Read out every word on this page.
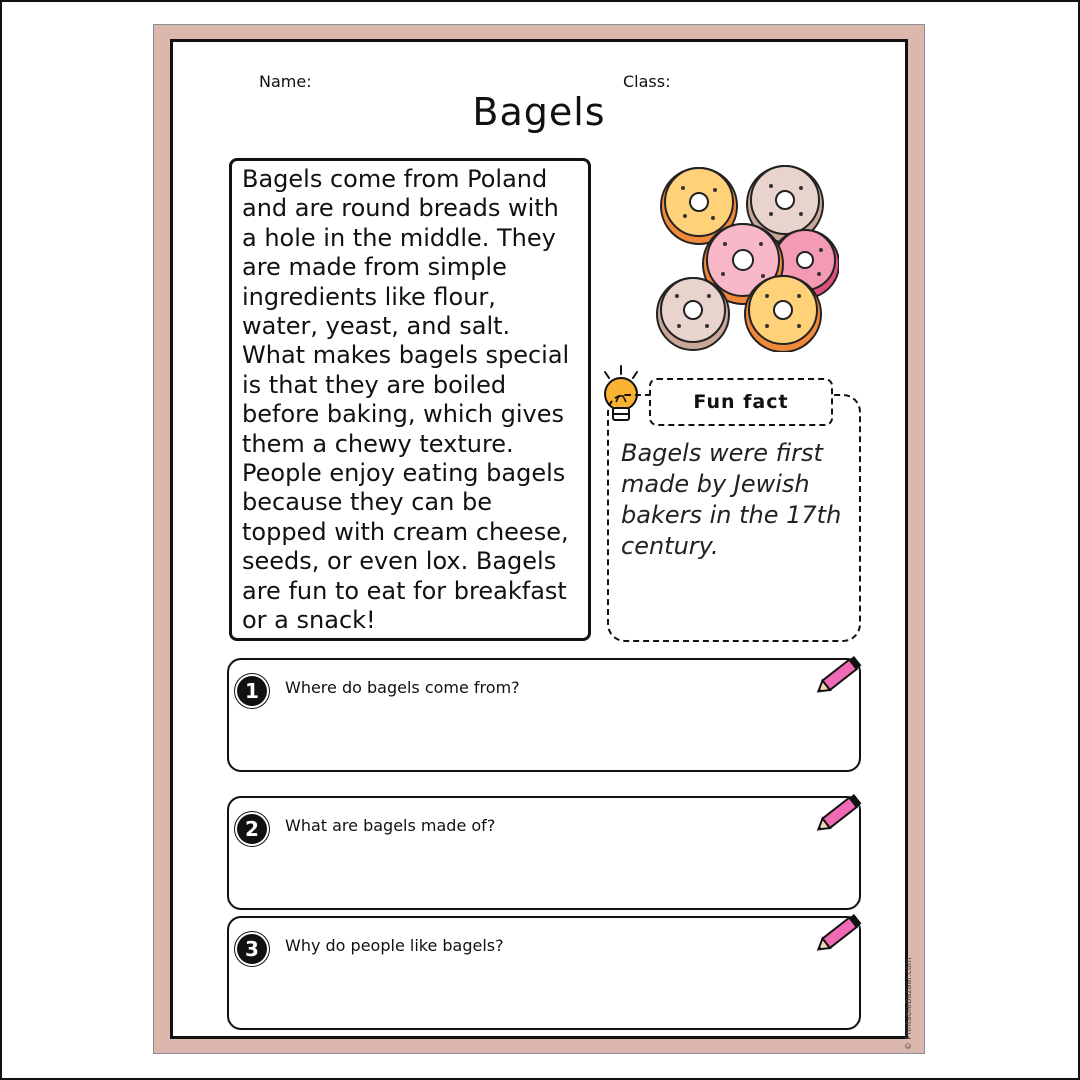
Name:	Class:
Bagels
Bagels come from Poland and are round breads with a hole in the middle. They are made from simple ingredients like flour, water, yeast, and salt. What makes bagels special is that they are boiled before baking, which gives them a chewy texture. People enjoy eating bagels because they can be topped with cream cheese, seeds, or even lox. Bagels are fun to eat for breakfast or a snack!
Fun fact
Bagels were first made by Jewish bakers in the 17th century.
1	Where do bagels come from?
2	What are bagels made of?
3	Why do people like bagels?
© PrintableBazaar.com
